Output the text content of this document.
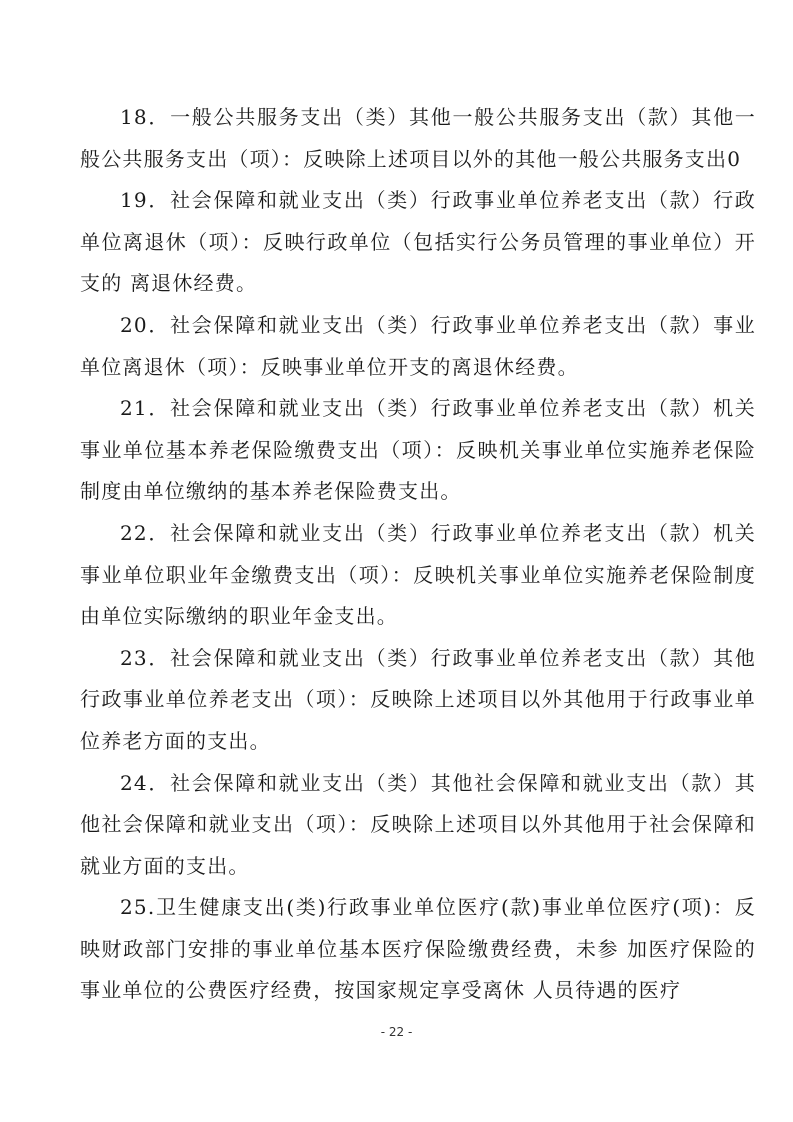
18．一般公共服务支出（类）其他一般公共服务支出（款）其他一般公共服务支出（项）：反映除上述项目以外的其他一般公共服务支出0

19．社会保障和就业支出（类）行政事业单位养老支出（款）行政单位离退休（项）：反映行政单位（包括实行公务员管理的事业单位）开支的 离退休经费。

20．社会保障和就业支出（类）行政事业单位养老支出（款）事业单位离退休（项）：反映事业单位开支的离退休经费。

21．社会保障和就业支出（类）行政事业单位养老支出（款）机关事业单位基本养老保险缴费支出（项）：反映机关事业单位实施养老保险制度由单位缴纳的基本养老保险费支出。

22．社会保障和就业支出（类）行政事业单位养老支出（款）机关事业单位职业年金缴费支出（项）：反映机关事业单位实施养老保险制度由单位实际缴纳的职业年金支出。

23．社会保障和就业支出（类）行政事业单位养老支出（款）其他行政事业单位养老支出（项）：反映除上述项目以外其他用于行政事业单位养老方面的支出。

24．社会保障和就业支出（类）其他社会保障和就业支出（款）其他社会保障和就业支出（项）：反映除上述项目以外其他用于社会保障和就业方面的支出。

25.卫生健康支出(类)行政事业单位医疗(款)事业单位医疗(项)：反映财政部门安排的事业单位基本医疗保险缴费经费，未参 加医疗保险的事业单位的公费医疗经费，按国家规定享受离休 人员待遇的医疗

- 22 -
